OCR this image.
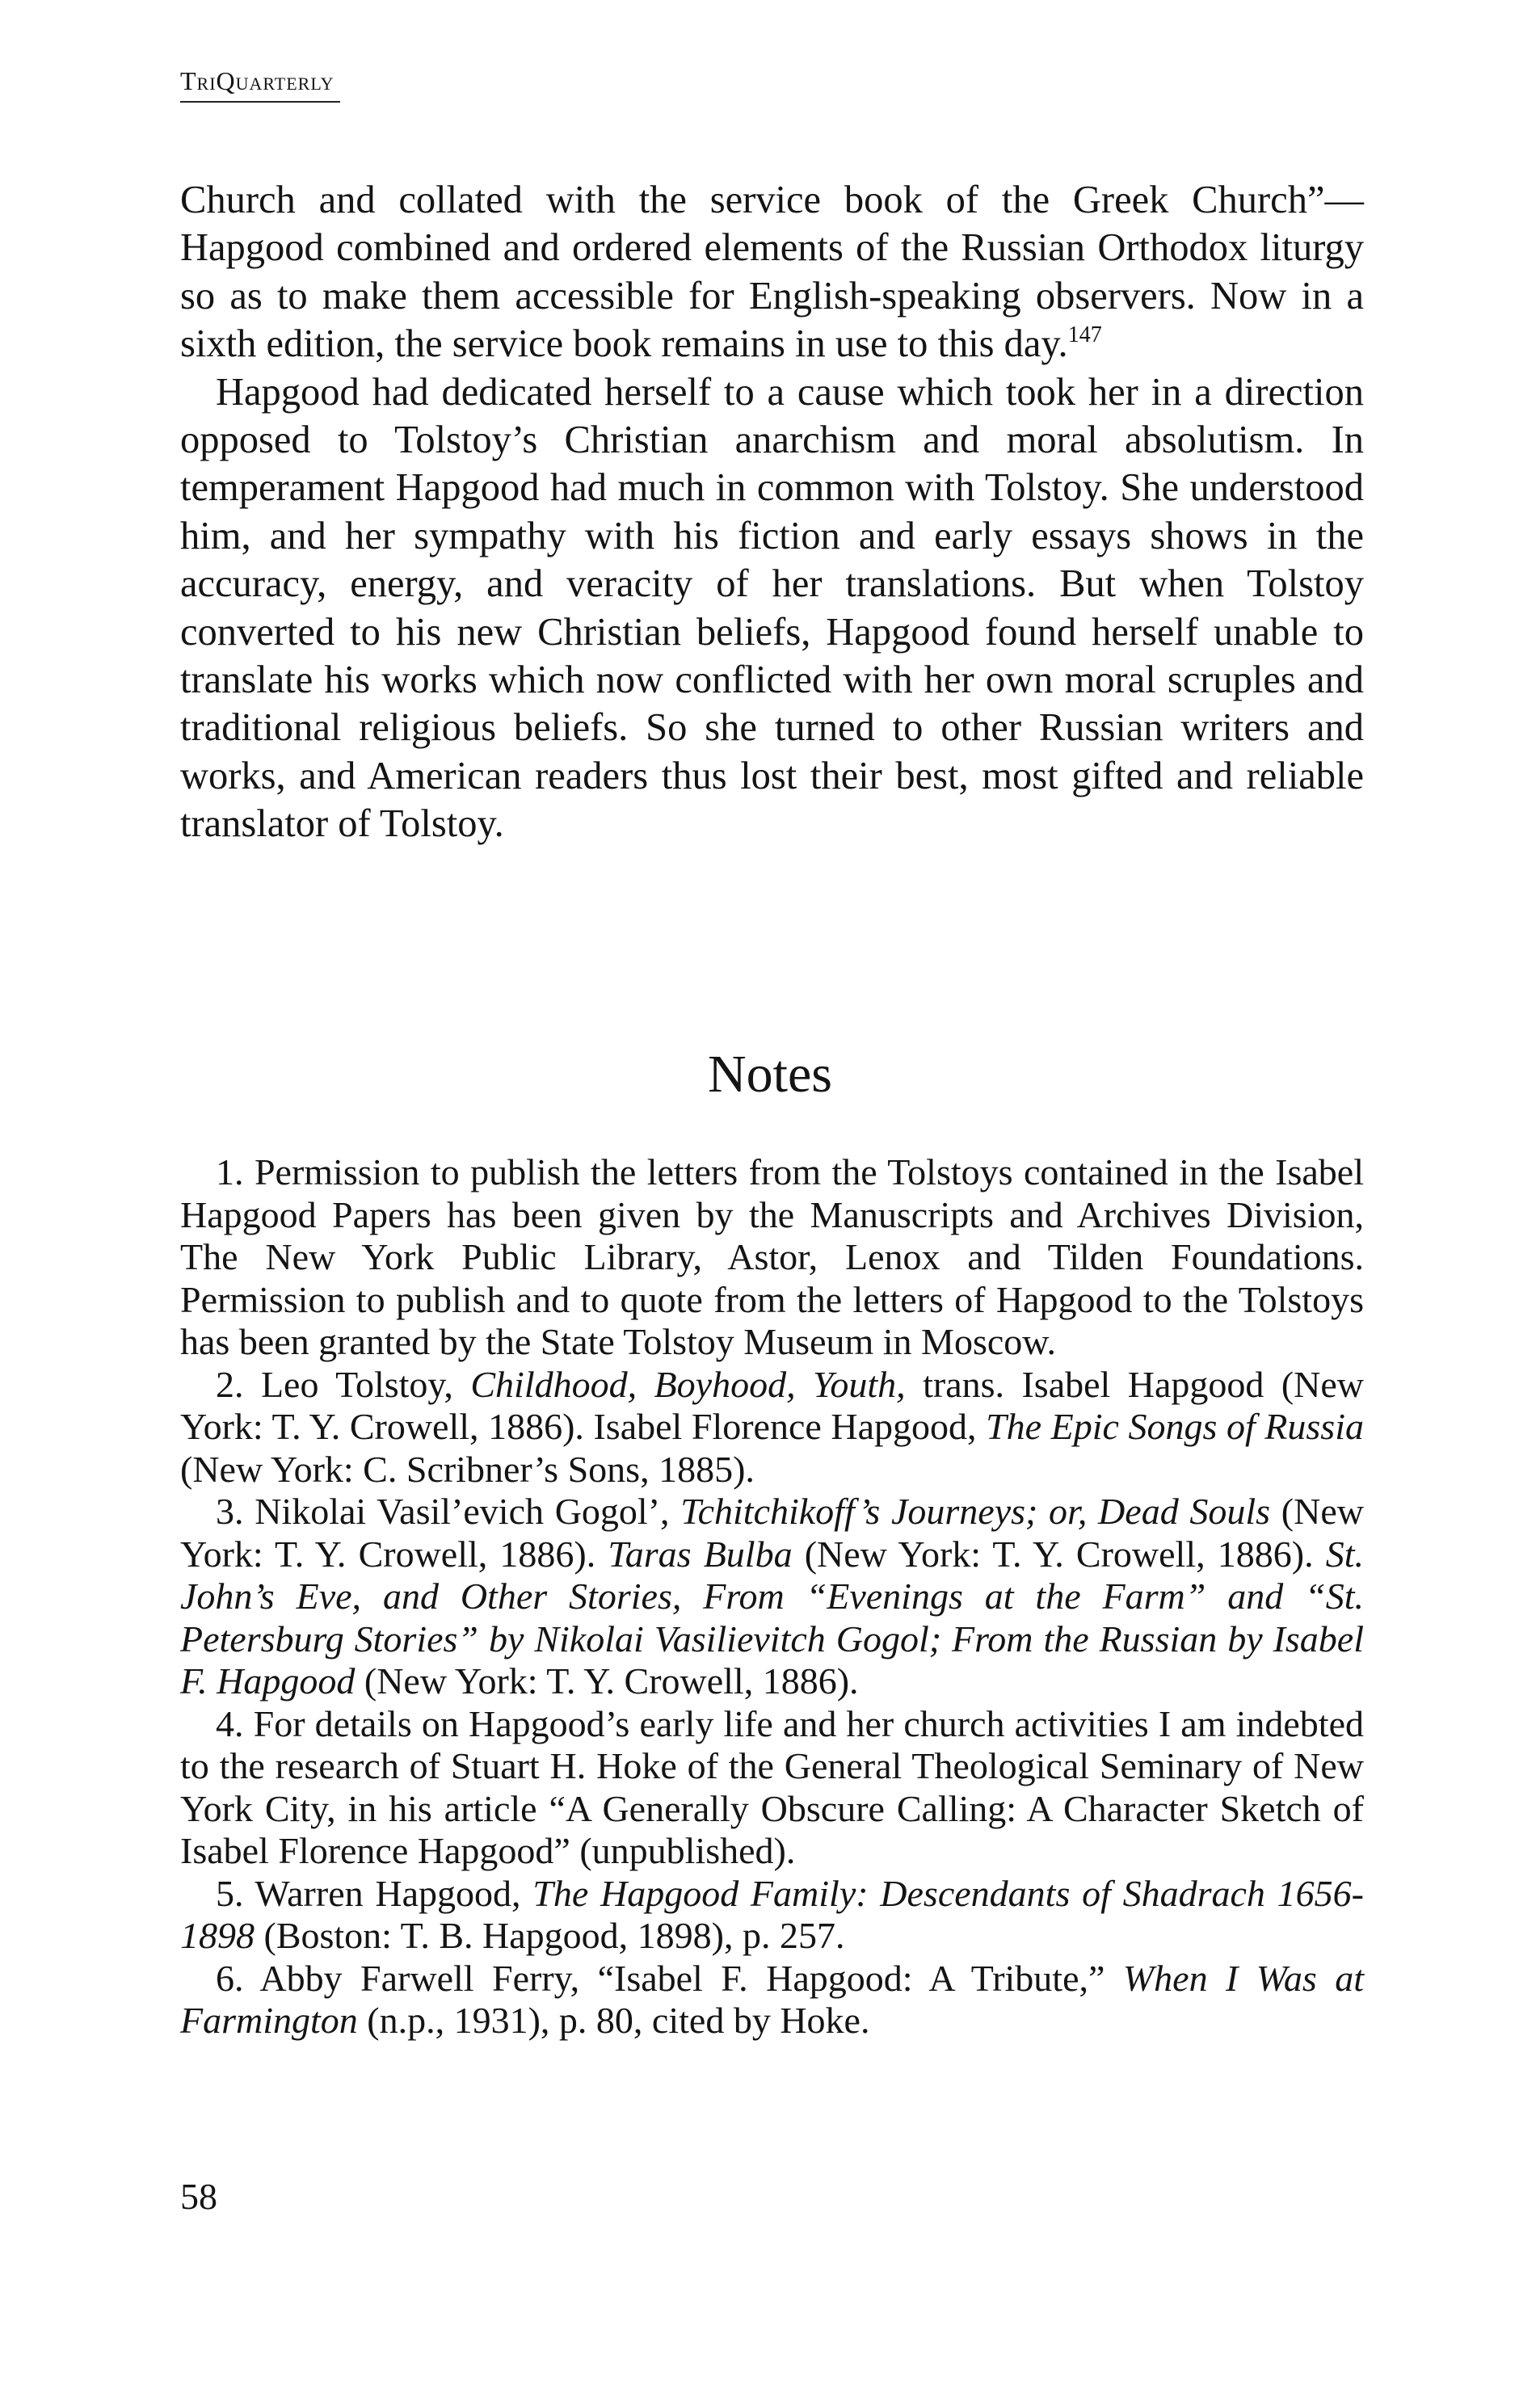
TriQuarterly

Church and collated with the service book of the Greek Church”— Hapgood combined and ordered elements of the Russian Orthodox liturgy so as to make them accessible for English-speaking observers. Now in a sixth edition, the service book remains in use to this day.$^{147}$

Hapgood had dedicated herself to a cause which took her in a direction opposed to Tolstoy’s Christian anarchism and moral absolutism. In temperament Hapgood had much in common with Tolstoy. She understood him, and her sympathy with his fiction and early essays shows in the accuracy, energy, and veracity of her translations. But when Tolstoy converted to his new Christian beliefs, Hapgood found herself unable to translate his works which now conflicted with her own moral scruples and traditional religious beliefs. So she turned to other Russian writers and works, and American readers thus lost their best, most gifted and reliable translator of Tolstoy.

Notes

1. Permission to publish the letters from the Tolstoys contained in the Isabel Hapgood Papers has been given by the Manuscripts and Archives Division, The New York Public Library, Astor, Lenox and Tilden Foundations. Permission to publish and to quote from the letters of Hapgood to the Tolstoys has been granted by the State Tolstoy Museum in Moscow.

2. Leo Tolstoy, Childhood, Boyhood, Youth, trans. Isabel Hapgood (New York: T. Y. Crowell, 1886). Isabel Florence Hapgood, The Epic Songs of Russia (New York: C. Scribner’s Sons, 1885).

3. Nikolai Vasil’evich Gogol’, Tchitchikoff’s Journeys; or, Dead Souls (New York: T. Y. Crowell, 1886). Taras Bulba (New York: T. Y. Crowell, 1886). St. John’s Eve, and Other Stories, From “Evenings at the Farm” and “St. Petersburg Stories” by Nikolai Vasilievitch Gogol; From the Russian by Isabel F. Hapgood (New York: T. Y. Crowell, 1886).

4. For details on Hapgood’s early life and her church activities I am indebted to the research of Stuart H. Hoke of the General Theological Seminary of New York City, in his article “A Generally Obscure Calling: A Character Sketch of Isabel Florence Hapgood” (unpublished).

5. Warren Hapgood, The Hapgood Family: Descendants of Shadrach 1656-1898 (Boston: T. B. Hapgood, 1898), p. 257.

6. Abby Farwell Ferry, “Isabel F. Hapgood: A Tribute,” When I Was at Farmington (n.p., 1931), p. 80, cited by Hoke.

58
